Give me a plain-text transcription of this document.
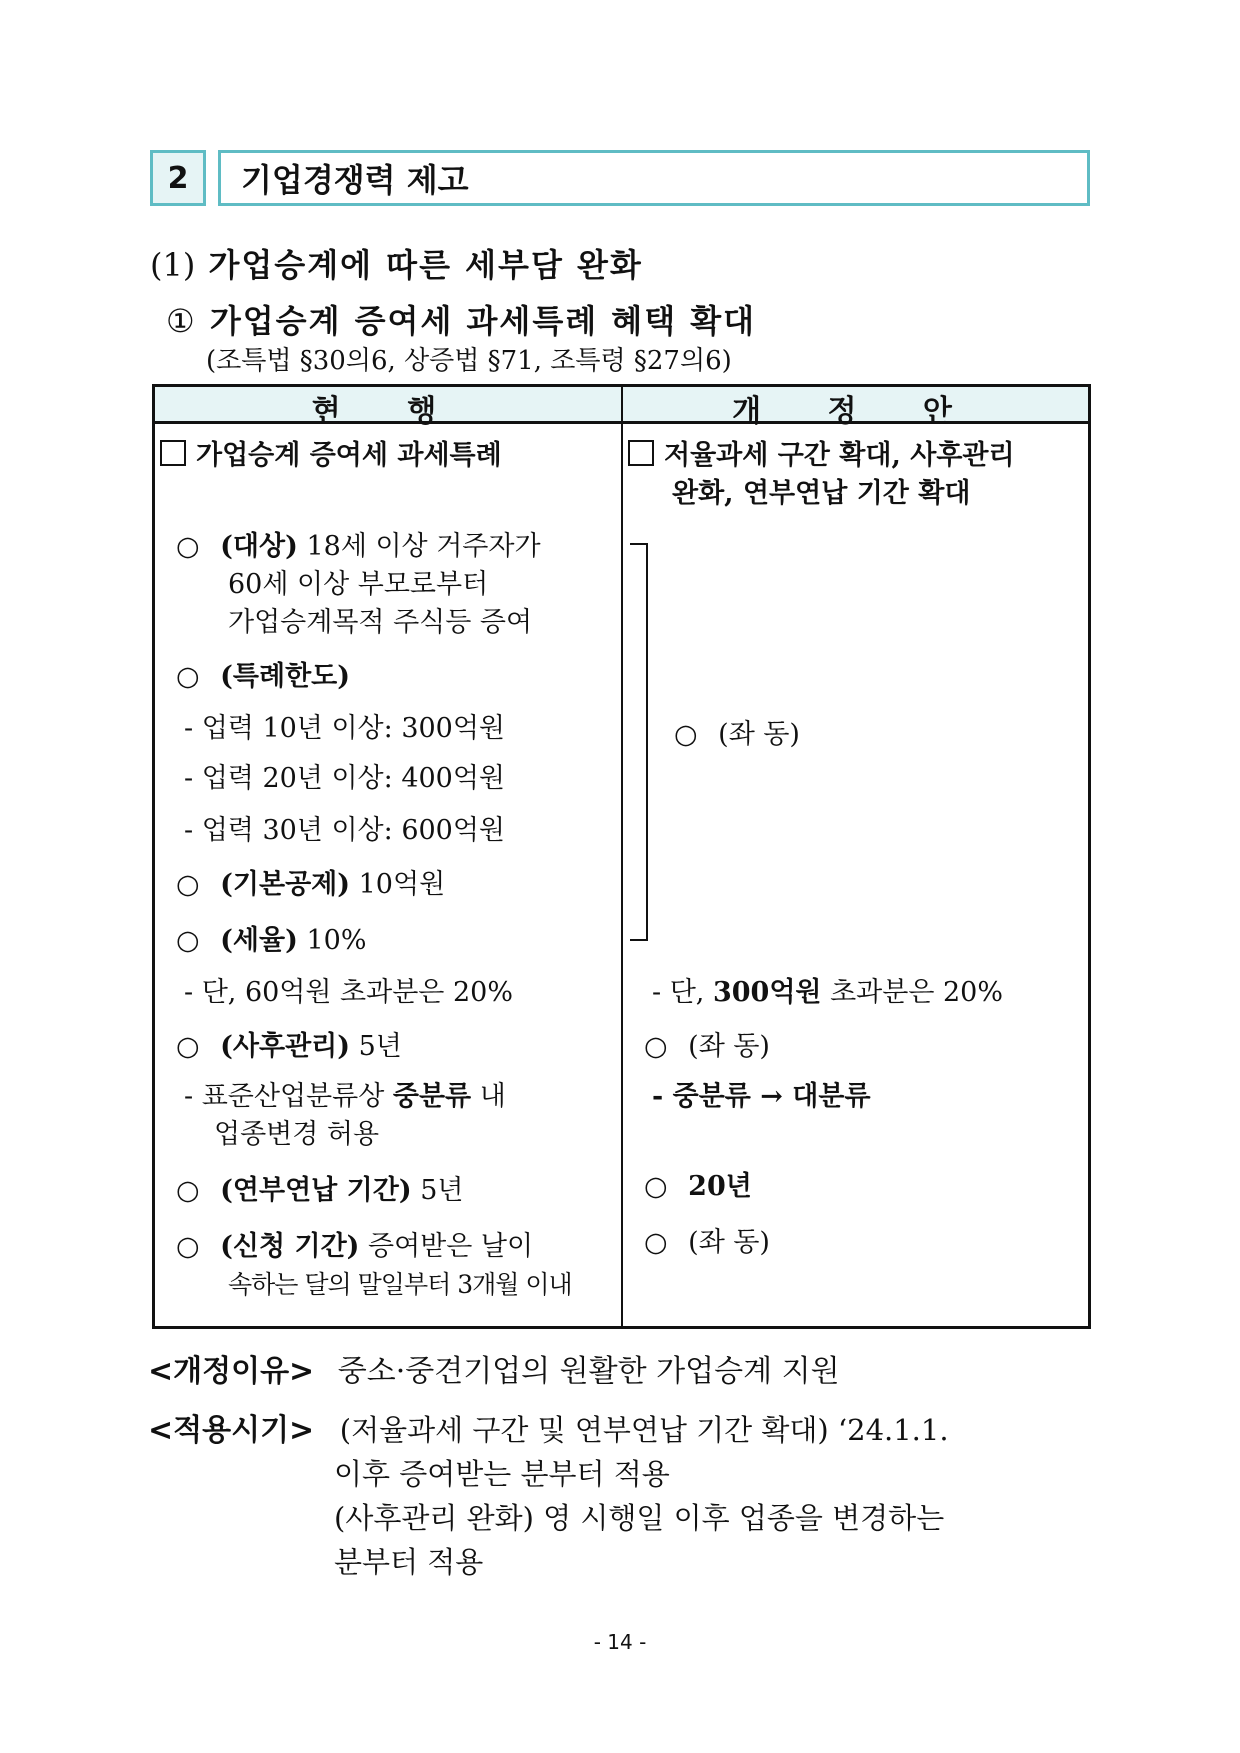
2	기업경쟁력 제고
(1) 가업승계에 따른 세부담 완화
① 가업승계 증여세 과세특례 혜택 확대
(조특법 §30의6, 상증법 §71, 조특령 §27의6)
현 행	개 정 안
가업승계 증여세 과세특례
○ (대상) 18세 이상 거주자가
60세 이상 부모로부터
가업승계목적 주식등 증여
○ (특례한도)
- 업력 10년 이상: 300억원
- 업력 20년 이상: 400억원
- 업력 30년 이상: 600억원
○ (기본공제) 10억원
○ (세율) 10%
- 단, 60억원 초과분은 20%
○ (사후관리) 5년
- 표준산업분류상 중분류 내
업종변경 허용
○ (연부연납 기간) 5년
○ (신청 기간) 증여받은 날이
속하는 달의 말일부터 3개월 이내
저율과세 구간 확대, 사후관리
완화, 연부연납 기간 확대
○ (좌 동)
- 단, 300억원 초과분은 20%
○ (좌 동)
- 중분류 → 대분류
○ 20년
○ (좌 동)
<개정이유> 중소·중견기업의 원활한 가업승계 지원
<적용시기> (저율과세 구간 및 연부연납 기간 확대) ‘24.1.1.
이후 증여받는 분부터 적용
(사후관리 완화) 영 시행일 이후 업종을 변경하는
분부터 적용
- 14 -
